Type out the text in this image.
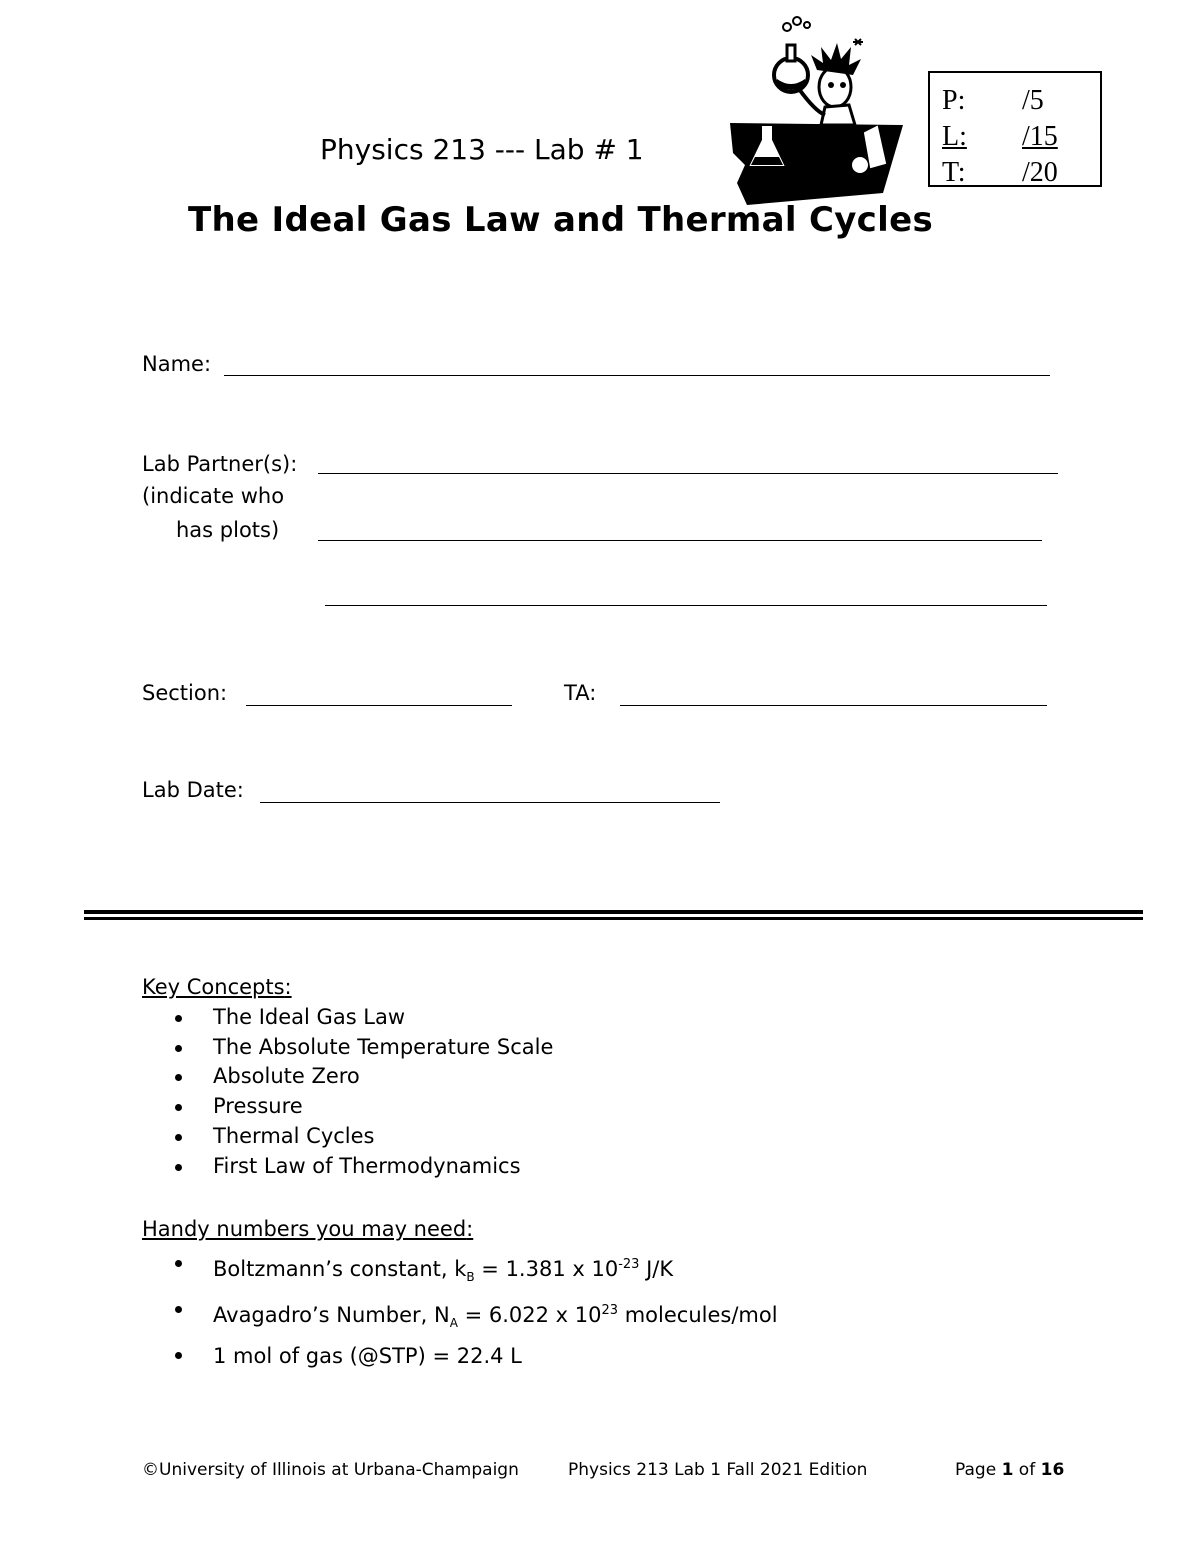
Physics 213 --- Lab # 1
The Ideal Gas Law and Thermal Cycles
P:	/5
L:	/15
T:	/20
Name:
Lab Partner(s):
(indicate who
has plots)
Section:	TA:
Lab Date:
Key Concepts:
The Ideal Gas Law
The Absolute Temperature Scale
Absolute Zero
Pressure
Thermal Cycles
First Law of Thermodynamics
Handy numbers you may need:
Boltzmann’s constant, $k_B = 1.381$ x $10^{-23}$ J/K
Avagadro’s Number, $N_A = 6.022$ x $10^{23}$ molecules/mol
1 mol of gas (@STP) = 22.4 L
©University of Illinois at Urbana-Champaign	Physics 213 Lab 1 Fall 2021 Edition	Page 1 of 16
